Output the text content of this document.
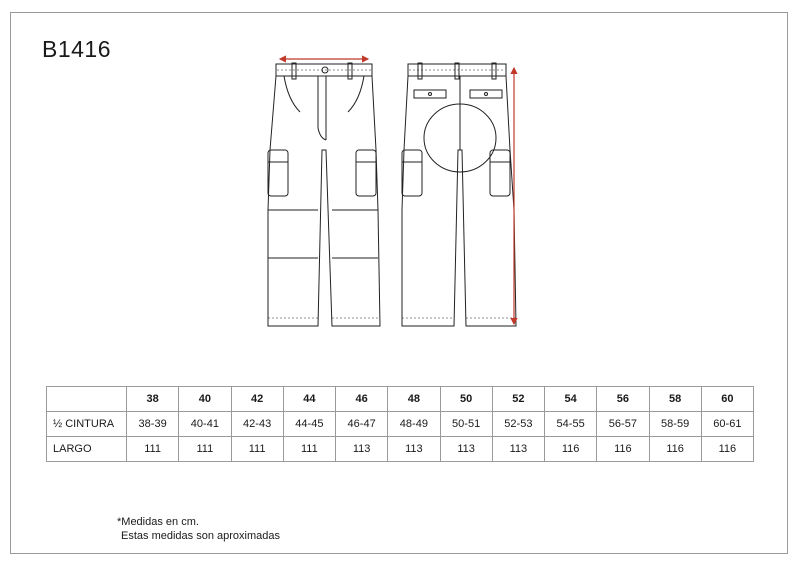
B1416
	38	40	42	44	46	48	50	52	54	56	58	60
½ CINTURA	38-39	40-41	42-43	44-45	46-47	48-49	50-51	52-53	54-55	56-57	58-59	60-61
LARGO	111	111	111	111	113	113	113	113	116	116	116	116
*Medidas en cm.
Estas medidas son aproximadas
